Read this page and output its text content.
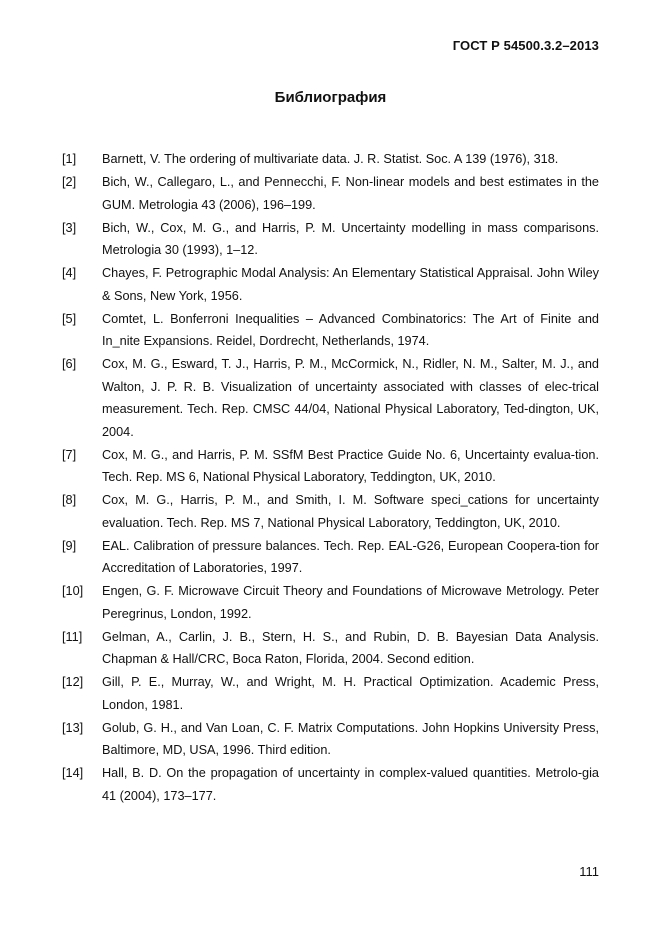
ГОСТ Р 54500.3.2–2013
Библиография
[1]	Barnett, V. The ordering of multivariate data. J. R. Statist. Soc. A 139 (1976), 318.
[2]	Bich, W., Callegaro, L., and Pennecchi, F. Non-linear models and best estimates in the GUM. Metrologia 43 (2006), 196–199.
[3]	Bich, W., Cox, M. G., and Harris, P. M. Uncertainty modelling in mass comparisons. Metrologia 30 (1993), 1–12.
[4]	Chayes, F. Petrographic Modal Analysis: An Elementary Statistical Appraisal. John Wiley & Sons, New York, 1956.
[5]	Comtet, L. Bonferroni Inequalities – Advanced Combinatorics: The Art of Finite and In_nite Expansions. Reidel, Dordrecht, Netherlands, 1974.
[6]	Cox, M. G., Esward, T. J., Harris, P. M., McCormick, N., Ridler, N. M., Salter, M. J., and Walton, J. P. R. B. Visualization of uncertainty associated with classes of elec-trical measurement. Tech. Rep. CMSC 44/04, National Physical Laboratory, Ted-dington, UK, 2004.
[7]	Cox, M. G., and Harris, P. M. SSfM Best Practice Guide No. 6, Uncertainty evalua-tion. Tech. Rep. MS 6, National Physical Laboratory, Teddington, UK, 2010.
[8]	Cox, M. G., Harris, P. M., and Smith, I. M. Software speci_cations for uncertainty evaluation. Tech. Rep. MS 7, National Physical Laboratory, Teddington, UK, 2010.
[9]	EAL. Calibration of pressure balances. Tech. Rep. EAL-G26, European Coopera-tion for Accreditation of Laboratories, 1997.
[10]	Engen, G. F. Microwave Circuit Theory and Foundations of Microwave Metrology. Peter Peregrinus, London, 1992.
[11]	Gelman, A., Carlin, J. B., Stern, H. S., and Rubin, D. B. Bayesian Data Analysis. Chapman & Hall/CRC, Boca Raton, Florida, 2004. Second edition.
[12]	Gill, P. E., Murray, W., and Wright, M. H. Practical Optimization. Academic Press, London, 1981.
[13]	Golub, G. H., and Van Loan, C. F. Matrix Computations. John Hopkins University Press, Baltimore, MD, USA, 1996. Third edition.
[14]	Hall, B. D. On the propagation of uncertainty in complex-valued quantities. Metrolo-gia 41 (2004), 173–177.
111
